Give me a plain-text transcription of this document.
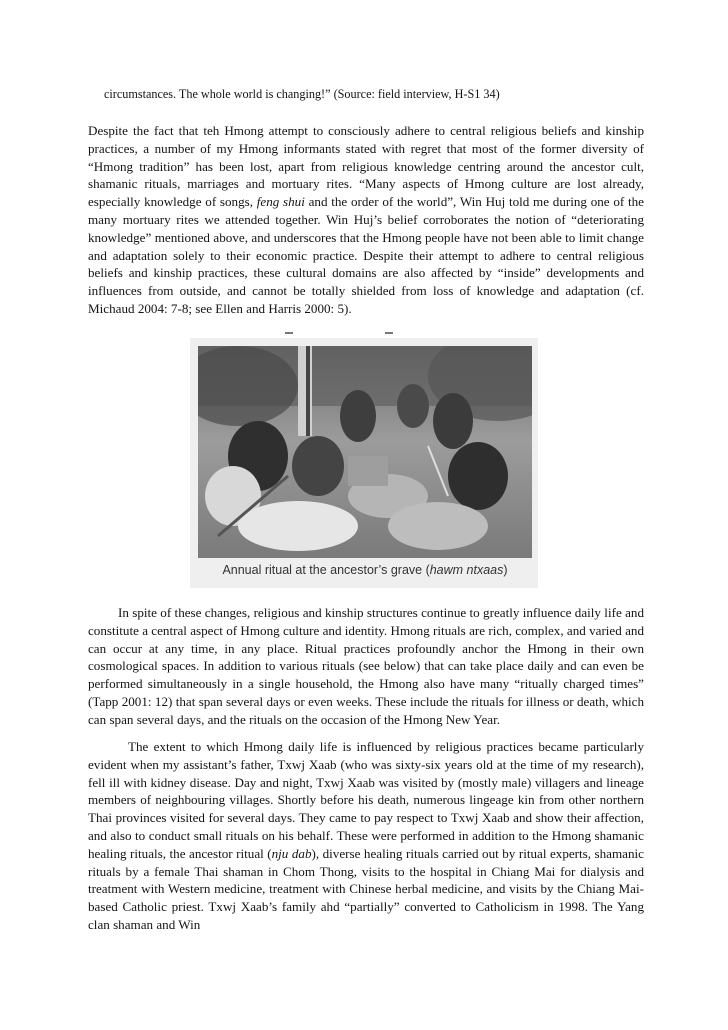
circumstances. The whole world is changing!” (Source: field interview, H-S1 34)

Despite the fact that teh Hmong attempt to consciously adhere to central religious beliefs and kinship practices, a number of my Hmong informants stated with regret that most of the former diversity of “Hmong tradition” has been lost, apart from religious knowledge centring around the ancestor cult, shamanic rituals, marriages and mortuary rites. “Many aspects of Hmong culture are lost already, especially knowledge of songs, feng shui and the order of the world”, Win Huj told me during one of the many mortuary rites we attended together. Win Huj’s belief corroborates the notion of “deteriorating knowledge” mentioned above, and underscores that the Hmong people have not been able to limit change and adaptation solely to their economic practice. Despite their attempt to adhere to central religious beliefs and kinship practices, these cultural domains are also affected by “inside” developments and influences from outside, and cannot be totally shielded from loss of knowledge and adaptation (cf. Michaud 2004: 7-8; see Ellen and Harris 2000: 5).

Annual ritual at the ancestor’s grave (hawm ntxaas)

In spite of these changes, religious and kinship structures continue to greatly influence daily life and constitute a central aspect of Hmong culture and identity. Hmong rituals are rich, complex, and varied and can occur at any time, in any place. Ritual practices profoundly anchor the Hmong in their own cosmological spaces. In addition to various rituals (see below) that can take place daily and can even be performed simultaneously in a single household, the Hmong also have many “ritually charged times” (Tapp 2001: 12) that span several days or even weeks. These include the rituals for illness or death, which can span several days, and the rituals on the occasion of the Hmong New Year.

The extent to which Hmong daily life is influenced by religious practices became particularly evident when my assistant’s father, Txwj Xaab (who was sixty-six years old at the time of my research), fell ill with kidney disease. Day and night, Txwj Xaab was visited by (mostly male) villagers and lineage members of neighbouring villages. Shortly before his death, numerous lingeage kin from other northern Thai provinces visited for several days. They came to pay respect to Txwj Xaab and show their affection, and also to conduct small rituals on his behalf. These were performed in addition to the Hmong shamanic healing rituals, the ancestor ritual (nju dab), diverse healing rituals carried out by ritual experts, shamanic rituals by a female Thai shaman in Chom Thong, visits to the hospital in Chiang Mai for dialysis and treatment with Western medicine, treatment with Chinese herbal medicine, and visits by the Chiang Mai-based Catholic priest. Txwj Xaab’s family ahd “partially” converted to Catholicism in 1998. The Yang clan shaman and Win
